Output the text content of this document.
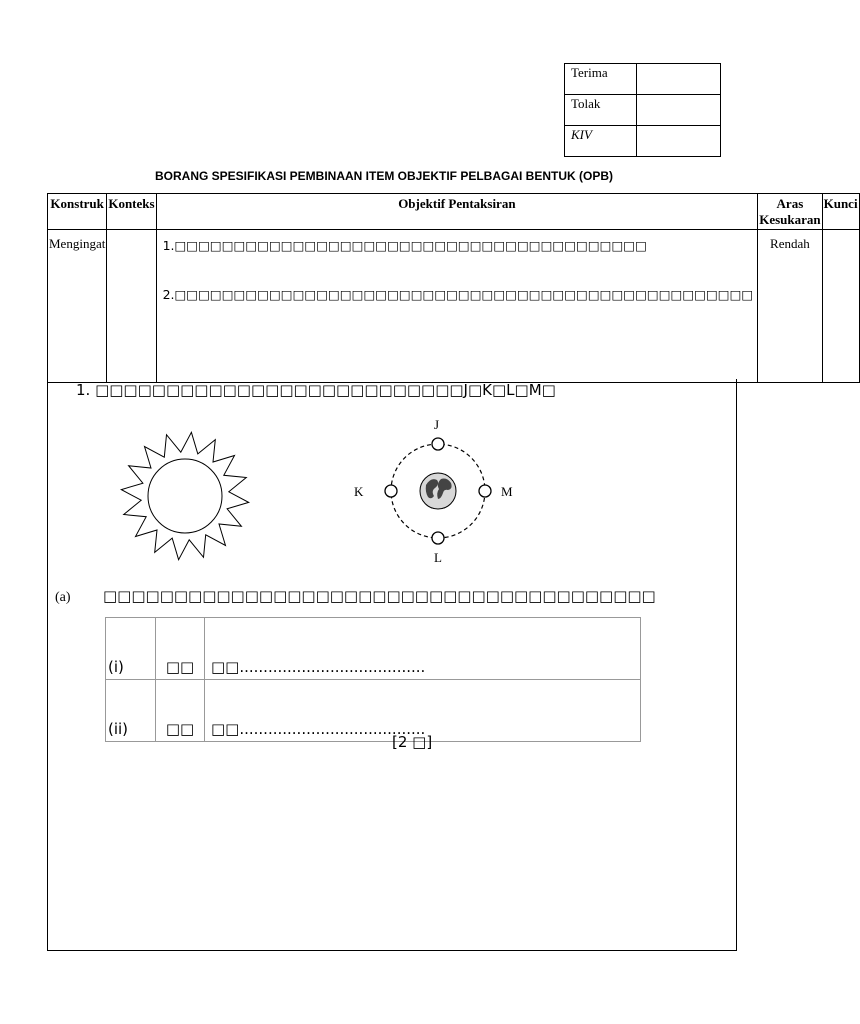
Terima	
Tolak	
KIV	
BORANG SPESIFIKASI PEMBINAAN ITEM OBJEKTIF PELBAGAI BENTUK (OPB)
Konstruk	Konteks	Objektif Pentaksiran	Aras Kesukaran	Kunci
Mengingat		1.□□□□□□□□□□□□□□□□□□□□□□□□□□□□□□□□□□□□□□□□

2.□□□□□□□□□□□□□□□□□□□□□□□□□□□□□□□□□□□□□□□□□□□□□□□□□	Rendah	
1. □□□□□□□□□□□□□□□□□□□□□□□□□□J□K□L□M□
J
K	M
L
(a) □□□□□□□□□□□□□□□□□□□□□□□□□□□□□□□□□□□□□□□
(i)	□□	□□.......................................
(ii)	□□	□□.......................................
[2 □]
